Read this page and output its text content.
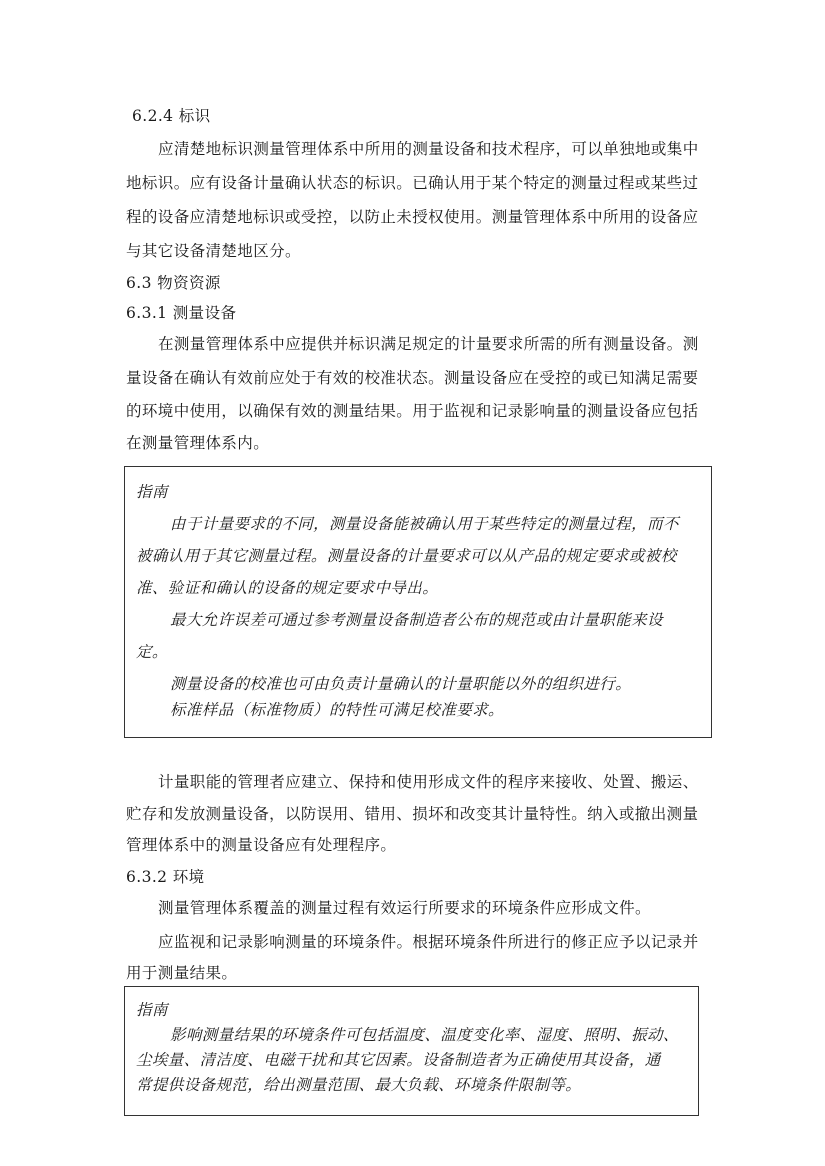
6.2.4 标识
应清楚地标识测量管理体系中所用的测量设备和技术程序，可以单独地或集中
地标识。应有设备计量确认状态的标识。已确认用于某个特定的测量过程或某些过
程的设备应清楚地标识或受控，以防止未授权使用。测量管理体系中所用的设备应
与其它设备清楚地区分。
6.3 物资资源
6.3.1 测量设备
在测量管理体系中应提供并标识满足规定的计量要求所需的所有测量设备。测
量设备在确认有效前应处于有效的校准状态。测量设备应在受控的或已知满足需要
的环境中使用，以确保有效的测量结果。用于监视和记录影响量的测量设备应包括
在测量管理体系内。
指南
由于计量要求的不同，测量设备能被确认用于某些特定的测量过程，而不
被确认用于其它测量过程。测量设备的计量要求可以从产品的规定要求或被校
准、验证和确认的设备的规定要求中导出。
最大允许误差可通过参考测量设备制造者公布的规范或由计量职能来设
定。
测量设备的校准也可由负责计量确认的计量职能以外的组织进行。
标准样品（标准物质）的特性可满足校准要求。
计量职能的管理者应建立、保持和使用形成文件的程序来接收、处置、搬运、
贮存和发放测量设备，以防误用、错用、损坏和改变其计量特性。纳入或撤出测量
管理体系中的测量设备应有处理程序。
6.3.2 环境
测量管理体系覆盖的测量过程有效运行所要求的环境条件应形成文件。
应监视和记录影响测量的环境条件。根据环境条件所进行的修正应予以记录并
用于测量结果。
指南
影响测量结果的环境条件可包括温度、温度变化率、湿度、照明、振动、
尘埃量、清洁度、电磁干扰和其它因素。设备制造者为正确使用其设备，通
常提供设备规范，给出测量范围、最大负载、环境条件限制等。
